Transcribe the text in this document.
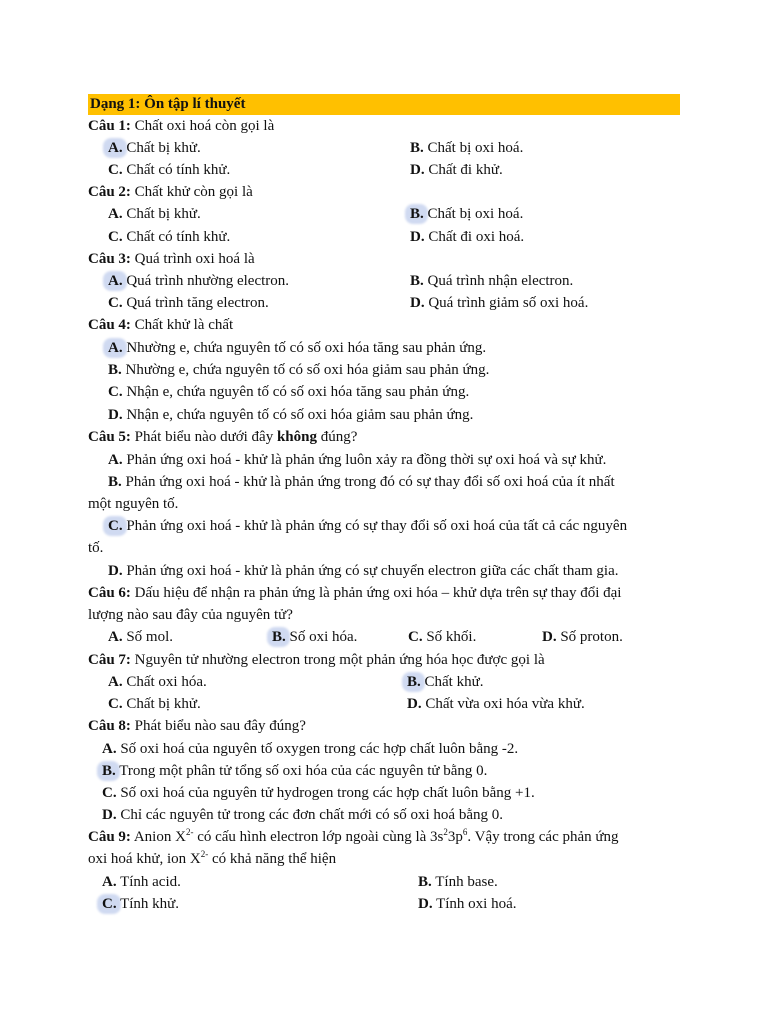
Dạng 1: Ôn tập lí thuyết
Câu 1: Chất oxi hoá còn gọi là
A. Chất bị khử.	B. Chất bị oxi hoá.
C. Chất có tính khử.	D. Chất đi khử.
Câu 2: Chất khử còn gọi là
A. Chất bị khử.	B. Chất bị oxi hoá.
C. Chất có tính khử.	D. Chất đi oxi hoá.
Câu 3: Quá trình oxi hoá là
A. Quá trình nhường electron.	B. Quá trình nhận electron.
C. Quá trình tăng electron.	D. Quá trình giảm số oxi hoá.
Câu 4: Chất khử là chất
A. Nhường e, chứa nguyên tố có số oxi hóa tăng sau phản ứng.
B. Nhường e, chứa nguyên tố có số oxi hóa giảm sau phản ứng.
C. Nhận e, chứa nguyên tố có số oxi hóa tăng sau phản ứng.
D. Nhận e, chứa nguyên tố có số oxi hóa giảm sau phản ứng.
Câu 5: Phát biểu nào dưới đây không đúng?
A. Phản ứng oxi hoá - khử là phản ứng luôn xảy ra đồng thời sự oxi hoá và sự khử.
B. Phản ứng oxi hoá - khử là phản ứng trong đó có sự thay đổi số oxi hoá của ít nhất
một nguyên tố.
C. Phản ứng oxi hoá - khử là phản ứng có sự thay đổi số oxi hoá của tất cả các nguyên
tố.
D. Phản ứng oxi hoá - khử là phản ứng có sự chuyển electron giữa các chất tham gia.
Câu 6: Dấu hiệu để nhận ra phản ứng là phản ứng oxi hóa – khử dựa trên sự thay đổi đại
lượng nào sau đây của nguyên tử?
A. Số mol.	B. Số oxi hóa.	C. Số khối.	D. Số proton.
Câu 7: Nguyên tử nhường electron trong một phản ứng hóa học được gọi là
A. Chất oxi hóa.	B. Chất khử.
C. Chất bị khử.	D. Chất vừa oxi hóa vừa khử.
Câu 8: Phát biểu nào sau đây đúng?
A. Số oxi hoá của nguyên tố oxygen trong các hợp chất luôn bằng -2.
B. Trong một phân tử tổng số oxi hóa của các nguyên tử bằng 0.
C. Số oxi hoá của nguyên tử hydrogen trong các hợp chất luôn bằng +1.
D. Chỉ các nguyên tử trong các đơn chất mới có số oxi hoá bằng 0.
Câu 9: Anion $X^{2-}$ có cấu hình electron lớp ngoài cùng là $3s^23p^6$. Vậy trong các phản ứng
oxi hoá khử, ion $X^{2-}$ có khả năng thể hiện
A. Tính acid.	B. Tính base.
C. Tính khử.	D. Tính oxi hoá.
